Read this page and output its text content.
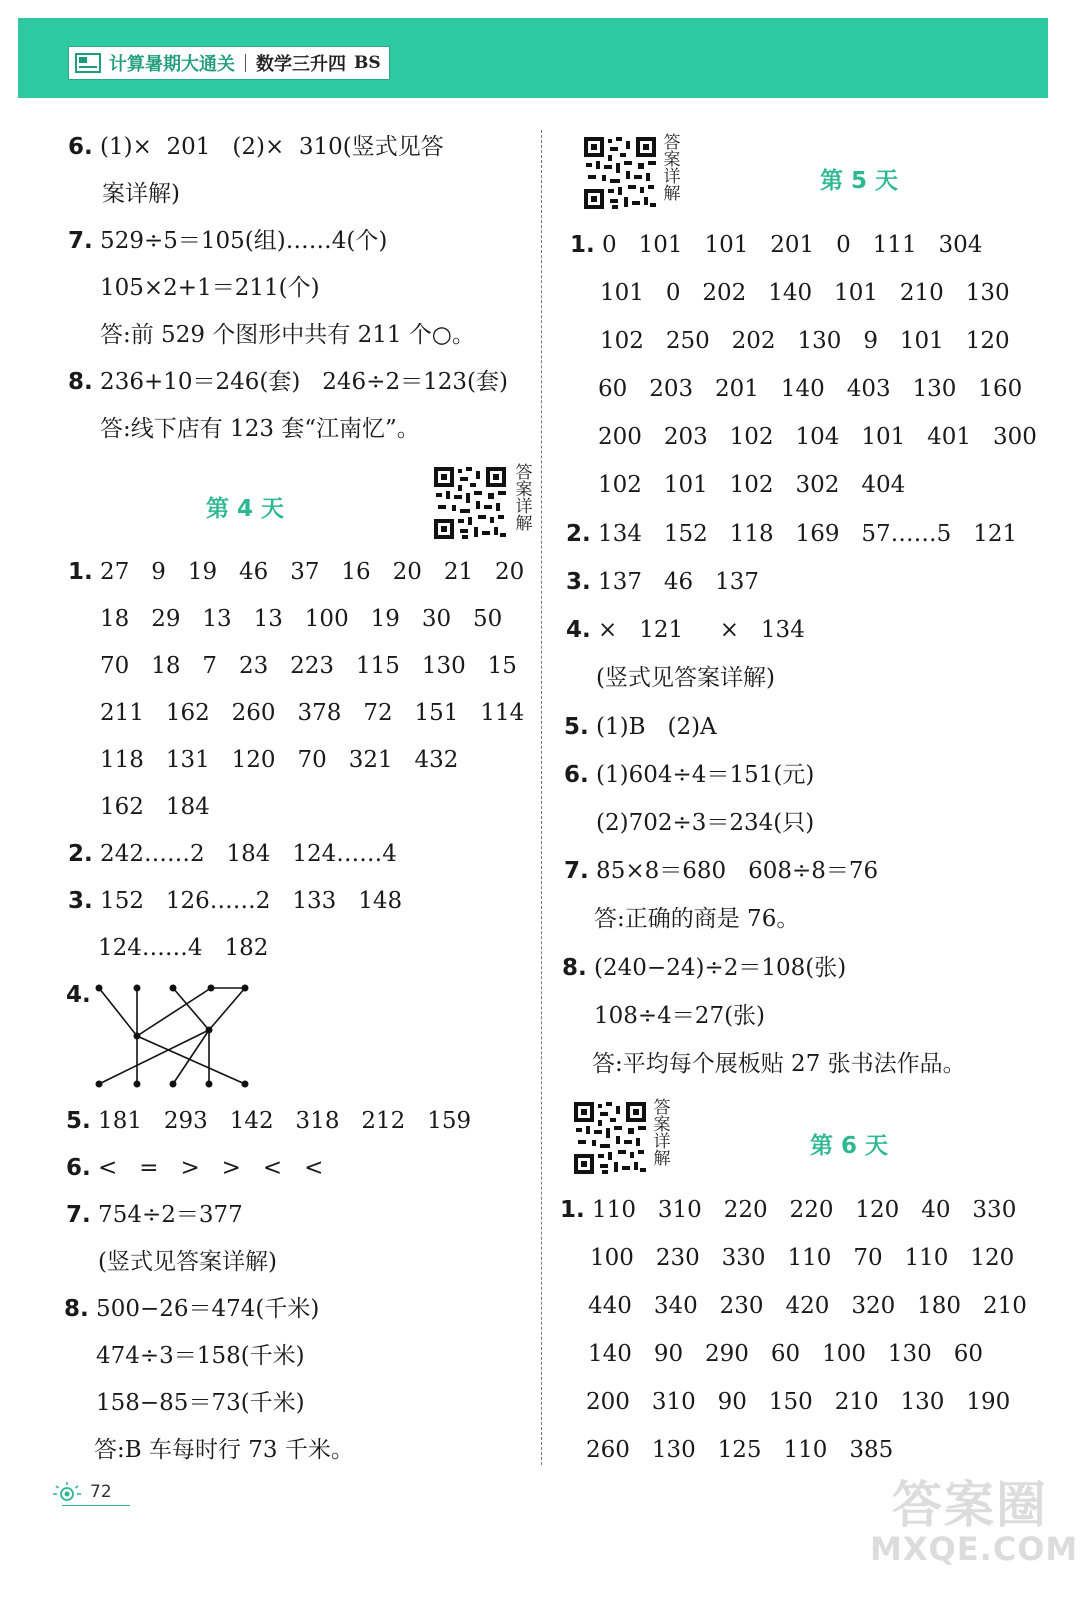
计算暑期大通关 数学三升四 BS
6. (1)×  201   (2)×  310(竖式见答
案详解)
7. 529÷5＝105(组)……4(个)
105×2+1＝211(个)
答:前 529 个图形中共有 211 个○。
8. 236+10＝246(套)   246÷2＝123(套)
答:线下店有 123 套“江南忆”。
1. 27   9   19   46   37   16   20   21   20
18   29   13   13   100   19   30   50
70   18   7   23   223   115   130   15
211   162   260   378   72   151   114
118   131   120   70   321   432
162   184
2. 242……2   184   124……4
3. 152   126……2   133   148
124……4   182
4.
5. 181   293   142   318   212   159
6. <   =   >   >   <   <
7. 754÷2＝377
(竖式见答案详解)
8. 500−26＝474(千米)
474÷3＝158(千米)
158−85＝73(千米)
答:B 车每时行 73 千米。
1. 0   101   101   201   0   111   304
101   0   202   140   101   210   130
102   250   202   130   9   101   120
60   203   201   140   403   130   160
200   203   102   104   101   401   300
102   101   102   302   404
2. 134   152   118   169   57……5   121
3. 137   46   137
4. ×   121     ×   134
(竖式见答案详解)
5. (1)B   (2)A
6. (1)604÷4＝151(元)
(2)702÷3＝234(只)
7. 85×8＝680   608÷8＝76
答:正确的商是 76。
8. (240−24)÷2＝108(张)
108÷4＝27(张)
答:平均每个展板贴 27 张书法作品。
1. 110   310   220   220   120   40   330
100   230   330   110   70   110   120
440   340   230   420   320   180   210
140   90   290   60   100   130   60
200   310   90   150   210   130   190
260   130   125   110   385
第 4 天
第 5 天
第 6 天
答
案
详
解
答
案
详
解
答
案
详
解
72	答案圈
MXQE.COM
